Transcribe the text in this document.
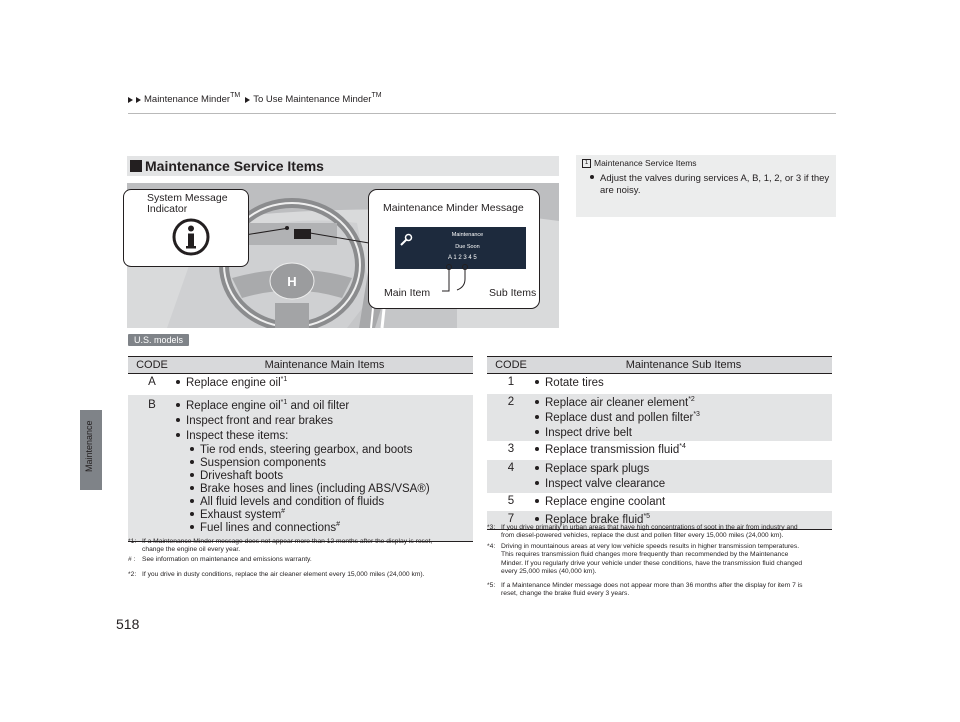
Maintenance
Maintenance Minder™ To Use Maintenance Minder™
Maintenance Service Items
H
System Message
Indicator	Maintenance Minder Message
Maintenance
Due Soon
A 1 2 3 4 5
Main Item	Sub Items
1 Maintenance Service Items
Adjust the valves during services A, B, 1, 2, or 3 if they are noisy.
U.S. models
CODE	Maintenance Main Items
A	Replace engine oil$^{*1}$
B	Replace engine oil$^{*1}$ and oil filter
Inspect front and rear brakes
Inspect these items:
Tie rod ends, steering gearbox, and boots
Suspension components
Driveshaft boots
Brake hoses and lines (including ABS/VSA®)
All fluid levels and condition of fluids
Exhaust system#
Fuel lines and connections#
CODE	Maintenance Sub Items
1	Rotate tires
2	Replace air cleaner element$^{*2}$
Replace dust and pollen filter$^{*3}$
Inspect drive belt
3	Replace transmission fluid$^{*4}$
4	Replace spark plugs
Inspect valve clearance
5	Replace engine coolant
7	Replace brake fluid$^{*5}$
*1: If a Maintenance Minder message does not appear more than 12 months after the display is reset,
change the engine oil every year.
# : See information on maintenance and emissions warranty.
*2: If you drive in dusty conditions, replace the air cleaner element every 15,000 miles (24,000 km).
*3: If you drive primarily in urban areas that have high concentrations of soot in the air from industry and
from diesel-powered vehicles, replace the dust and pollen filter every 15,000 miles (24,000 km).
*4: Driving in mountainous areas at very low vehicle speeds results in higher transmission temperatures.
This requires transmission fluid changes more frequently than recommended by the Maintenance
Minder. If you regularly drive your vehicle under these conditions, have the transmission fluid changed
every 25,000 miles (40,000 km).
*5: If a Maintenance Minder message does not appear more than 36 months after the display for item 7 is
reset, change the brake fluid every 3 years.
518
